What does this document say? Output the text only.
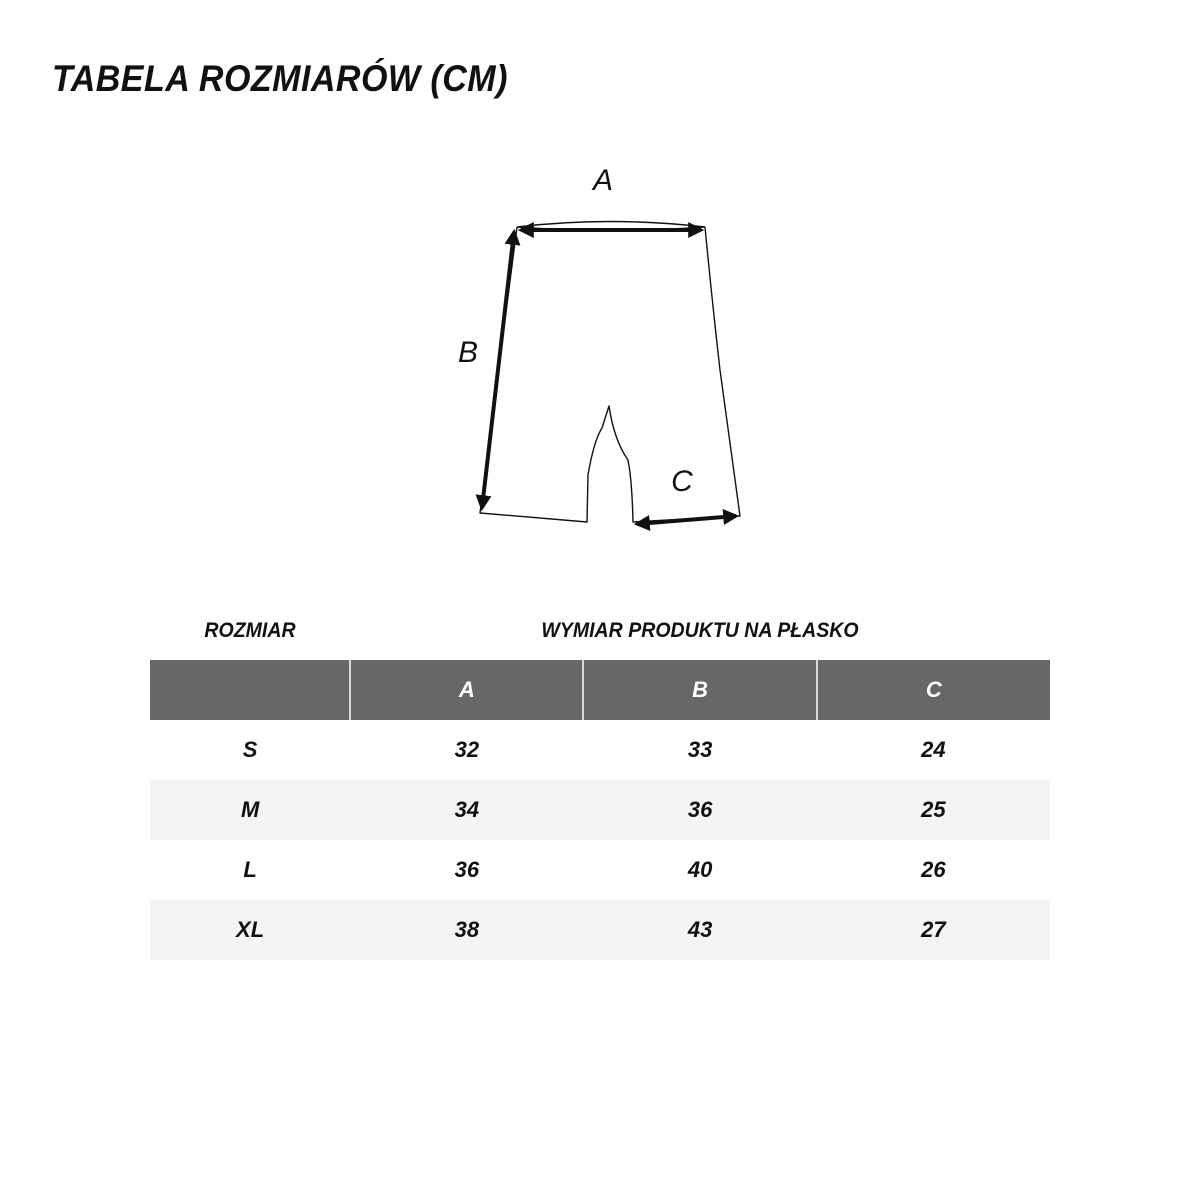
TABELA ROZMIARÓW (CM)
A
B
C
ROZMIAR	WYMIAR PRODUKTU NA PŁASKO
	A	B	C
S	32	33	24
M	34	36	25
L	36	40	26
XL	38	43	27
